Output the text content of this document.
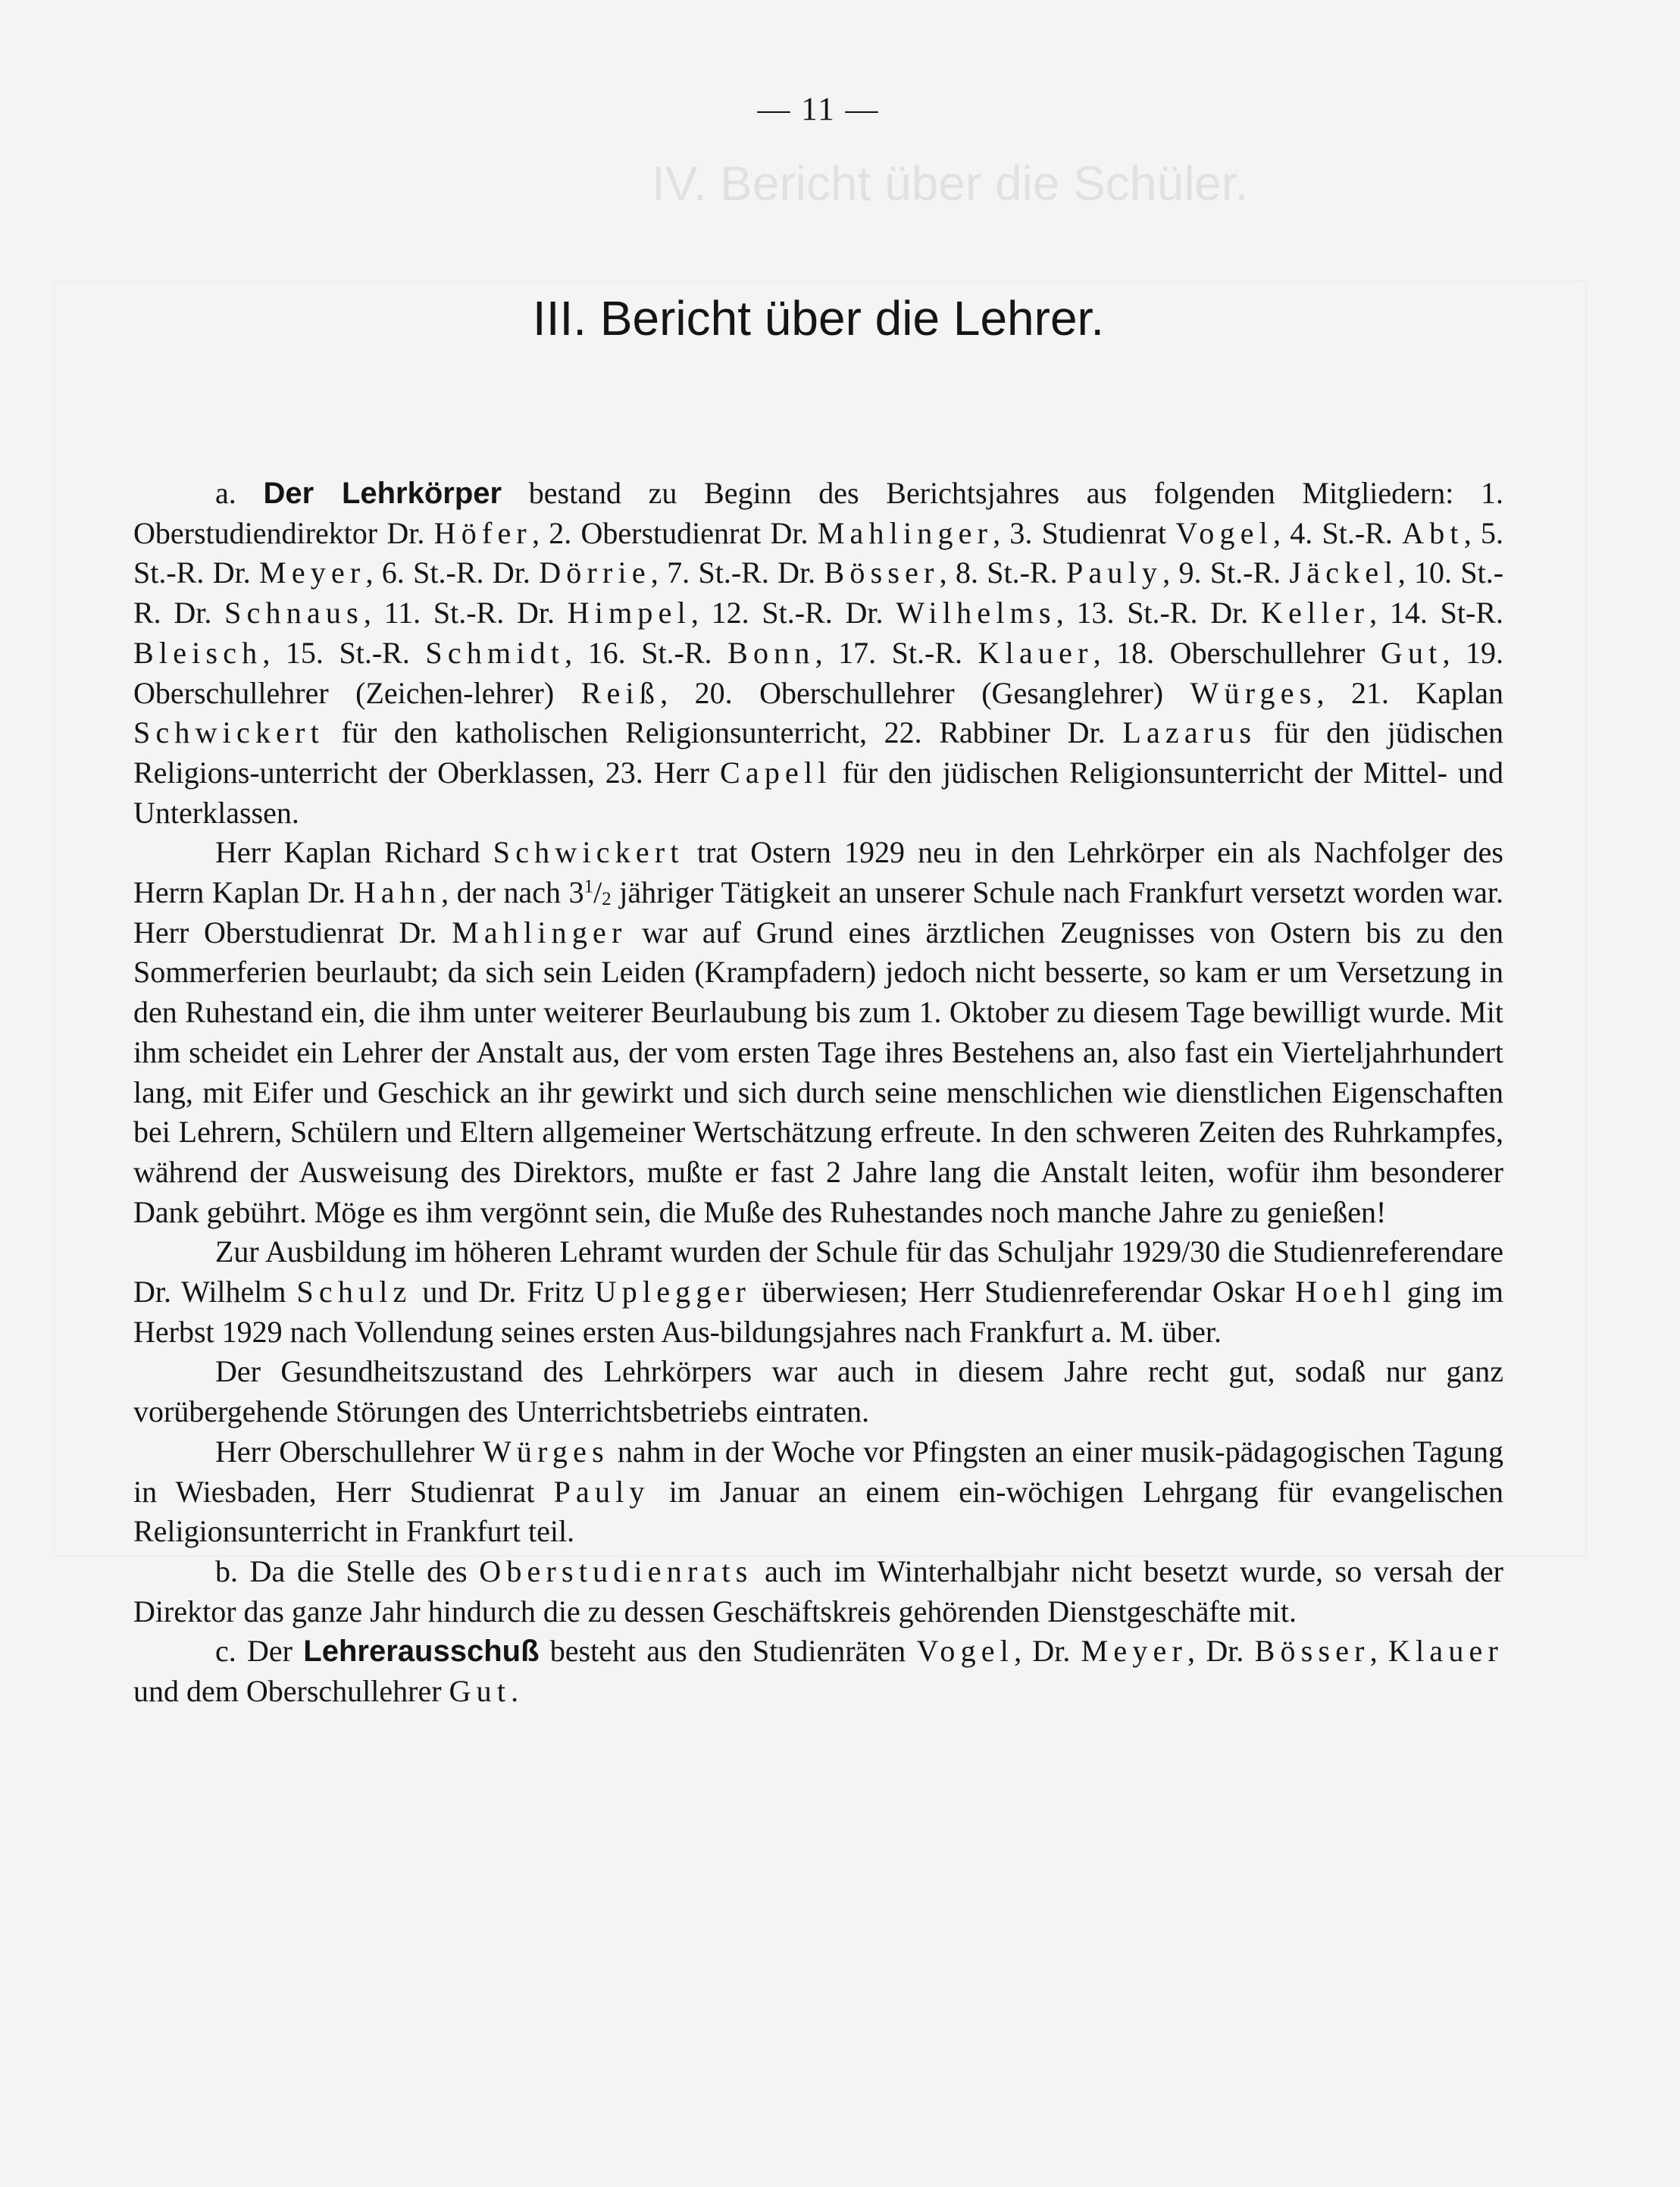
IV. Bericht über die Schüler.
— 11 —
III. Bericht über die Lehrer.

a. Der Lehrkörper bestand zu Beginn des Berichtsjahres aus folgenden Mitgliedern: 1. Oberstudiendirektor Dr. Höfer, 2. Oberstudienrat Dr. Mahlinger, 3. Studienrat Vogel, 4. St.-R. Abt, 5. St.-R. Dr. Meyer, 6. St.-R. Dr. Dörrie, 7. St.-R. Dr. Bösser, 8. St.-R. Pauly, 9. St.-R. Jäckel, 10. St.-R. Dr. Schnaus, 11. St.-R. Dr. Himpel, 12. St.-R. Dr. Wilhelms, 13. St.-R. Dr. Keller, 14. St-R. Bleisch, 15. St.-R. Schmidt, 16. St.-R. Bonn, 17. St.-R. Klauer, 18. Oberschullehrer Gut, 19. Oberschullehrer (Zeichen-lehrer) Reiß, 20. Oberschullehrer (Gesanglehrer) Würges, 21. Kaplan Schwickert für den katholischen Religionsunterricht, 22. Rabbiner Dr. Lazarus für den jüdischen Religions-unterricht der Oberklassen, 23. Herr Capell für den jüdischen Religionsunterricht der Mittel- und Unterklassen.

Herr Kaplan Richard Schwickert trat Ostern 1929 neu in den Lehrkörper ein als Nachfolger des Herrn Kaplan Dr. Hahn, der nach $3^1/2$ jähriger Tätigkeit an unserer Schule nach Frankfurt versetzt worden war. Herr Oberstudienrat Dr. Mahlinger war auf Grund eines ärztlichen Zeugnisses von Ostern bis zu den Sommerferien beurlaubt; da sich sein Leiden (Krampfadern) jedoch nicht besserte, so kam er um Versetzung in den Ruhestand ein, die ihm unter weiterer Beurlaubung bis zum 1. Oktober zu diesem Tage bewilligt wurde. Mit ihm scheidet ein Lehrer der Anstalt aus, der vom ersten Tage ihres Bestehens an, also fast ein Vierteljahrhundert lang, mit Eifer und Geschick an ihr gewirkt und sich durch seine menschlichen wie dienstlichen Eigenschaften bei Lehrern, Schülern und Eltern allgemeiner Wertschätzung erfreute. In den schweren Zeiten des Ruhrkampfes, während der Ausweisung des Direktors, mußte er fast 2 Jahre lang die Anstalt leiten, wofür ihm besonderer Dank gebührt. Möge es ihm vergönnt sein, die Muße des Ruhestandes noch manche Jahre zu genießen!

Zur Ausbildung im höheren Lehramt wurden der Schule für das Schuljahr 1929/30 die Studienreferendare Dr. Wilhelm Schulz und Dr. Fritz Uplegger überwiesen; Herr Studienreferendar Oskar Hoehl ging im Herbst 1929 nach Vollendung seines ersten Aus-bildungsjahres nach Frankfurt a. M. über.

Der Gesundheitszustand des Lehrkörpers war auch in diesem Jahre recht gut, sodaß nur ganz vorübergehende Störungen des Unterrichtsbetriebs eintraten.

Herr Oberschullehrer Würges nahm in der Woche vor Pfingsten an einer musik-pädagogischen Tagung in Wiesbaden, Herr Studienrat Pauly im Januar an einem ein-wöchigen Lehrgang für evangelischen Religionsunterricht in Frankfurt teil.

b. Da die Stelle des Oberstudienrats auch im Winterhalbjahr nicht besetzt wurde, so versah der Direktor das ganze Jahr hindurch die zu dessen Geschäftskreis gehörenden Dienstgeschäfte mit.

c. Der Lehrerausschuß besteht aus den Studienräten Vogel, Dr. Meyer, Dr. Bösser, Klauer und dem Oberschullehrer Gut.
